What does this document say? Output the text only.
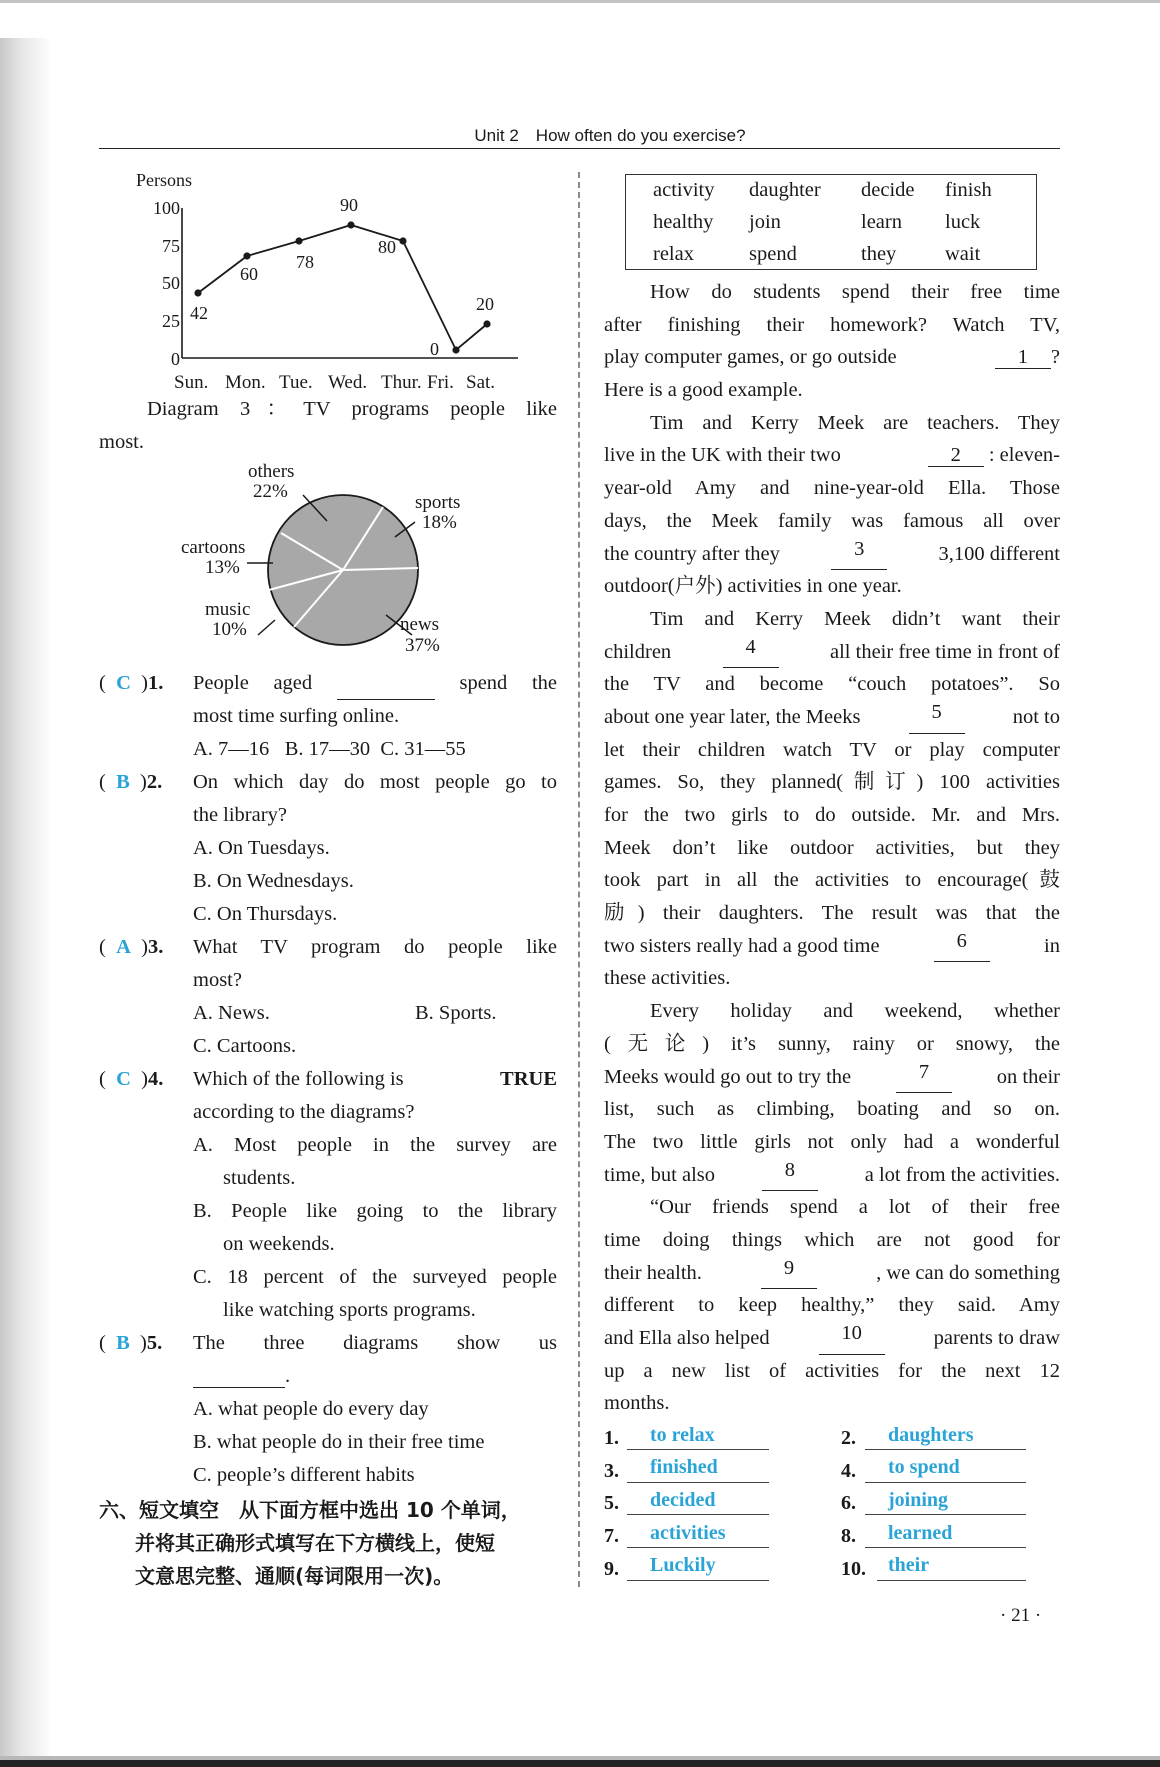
Unit 2　How often do you exercise?
Persons
100
75
50
25
0
42
60
78
90
80
0
20
Sun. Mon. Tue. Wed. Thur. Fri. Sat.
Diagram 3：TV programs people like
most.
others
22%
sports
18%
news
37%
music
10%
cartoons
13%
( C )1. People aged
	spend the
most time surfing online.
A. 7—16 B. 17—30 C. 31—55
( B )2. On which day do most people go to
the library?
A. On Tuesdays.
B. On Wednesdays.
C. On Thursdays.
( A )3. What TV program do people like
most?
A. News.	B. Sports.
C. Cartoons.
( C )4. Which of the following is	TRUE
according to the diagrams?
A. Most people in the survey are
students.
B. People like going to the library
on weekends.
C. 18 percent of the surveyed people
like watching sports programs.
( B )5. The three diagrams show us
.
A. what people do every day
B. what people do in their free time
C. people’s different habits
六、短文填空　从下面方框中选出 10 个单词，
并将其正确形式填写在下方横线上，使短
文意思完整、通顺(每词限用一次)。
activity daughter decide finish
healthy join	learn luck
relax	spend	they wait
How do students spend their free time
after finishing their homework? Watch TV,
play computer games, or go outside	1 ?
Here is a good example.
Tim and Kerry Meek are teachers. They
live in the UK with their two	2 : eleven-
year-old Amy and nine-year-old Ella. Those
days, the Meek family was famous all over
the country after they	3	3,100 different
outdoor(户外) activities in one year.
Tim and Kerry Meek didn’t want their
children	4	all their free time in front of
the TV and become “couch potatoes”. So
about one year later, the Meeks	5	not to
let their children watch TV or play computer
games. So, they planned(制订) 100 activities
for the two girls to do outside. Mr. and Mrs.
Meek don’t like outdoor activities, but they
took part in all the activities to encourage(鼓
励) their daughters. The result was that the
two sisters really had a good time	6	in
these activities.
Every holiday and weekend, whether
(无论) it’s sunny, rainy or snowy, the
Meeks would go out to try the	7	on their
list, such as climbing, boating and so on.
The two little girls not only had a wonderful
time, but also	8	a lot from the activities.
“Our friends spend a lot of their free
time doing things which are not good for
their health.	9	, we can do something
different to keep healthy,” they said. Amy
and Ella also helped	10	parents to draw
up a new list of activities for the next 12
months.
1. to relax	2. daughters
3. finished	4. to spend
5. decided	6. joining
7. activities	8. learned
9. Luckily	10. their
· 21 ·
